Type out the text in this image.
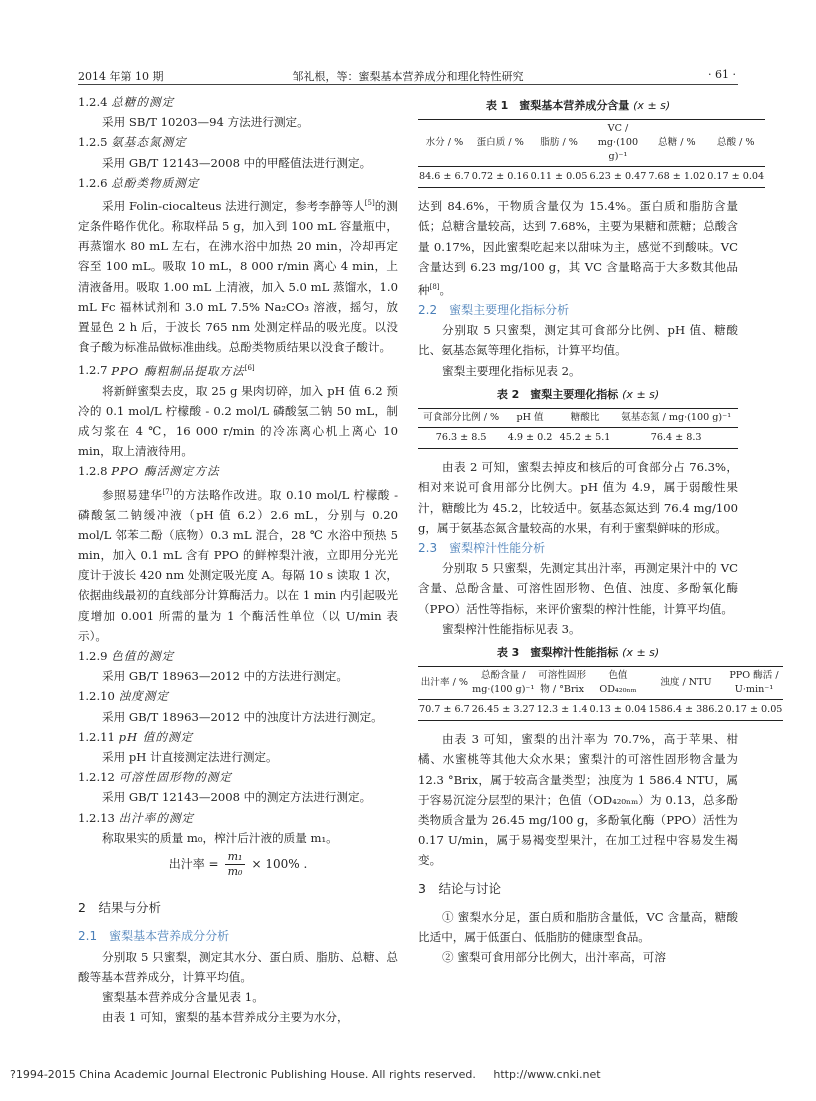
2014 年第 10 期	邹礼根，等：蜜梨基本营养成分和理化特性研究	· 61 ·

1.2.4 总糖的测定

采用 SB/T 10203—94 方法进行测定。

1.2.5 氨基态氮测定

采用 GB/T 12143—2008 中的甲醛值法进行测定。

1.2.6 总酚类物质测定

采用 Folin-ciocalteus 法进行测定，参考李静等人[5]的测定条件略作优化。称取样品 5 g，加入到 100 mL 容量瓶中，再蒸馏水 80 mL 左右，在沸水浴中加热 20 min，冷却再定容至 100 mL。吸取 10 mL，8 000 r/min 离心 4 min，上清液备用。吸取 1.00 mL 上清液，加入 5.0 mL 蒸馏水，1.0 mL Fc 福林试剂和 3.0 mL 7.5% Na₂CO₃ 溶液，摇匀，放置显色 2 h 后，于波长 765 nm 处测定样品的吸光度。以没食子酸为标准品做标准曲线。总酚类物质结果以没食子酸计。

1.2.7 PPO 酶粗制品提取方法[6]

将新鲜蜜梨去皮，取 25 g 果肉切碎，加入 pH 值 6.2 预冷的 0.1 mol/L 柠檬酸 - 0.2 mol/L 磷酸氢二钠 50 mL，制成匀浆在 4 ℃，16 000 r/min 的冷冻离心机上离心 10 min，取上清液待用。

1.2.8 PPO 酶活测定方法

参照易建华[7]的方法略作改进。取 0.10 mol/L 柠檬酸 - 磷酸氢二钠缓冲液（pH 值 6.2）2.6 mL，分别与 0.20 mol/L 邻苯二酚（底物）0.3 mL 混合，28 ℃ 水浴中预热 5 min，加入 0.1 mL 含有 PPO 的鲜榨梨汁液，立即用分光光度计于波长 420 nm 处测定吸光度 A。每隔 10 s 读取 1 次，依据曲线最初的直线部分计算酶活力。以在 1 min 内引起吸光度增加 0.001 所需的量为 1 个酶活性单位（以 U/min 表示）。

1.2.9 色值的测定

采用 GB/T 18963—2012 中的方法进行测定。

1.2.10 浊度测定

采用 GB/T 18963—2012 中的浊度计方法进行测定。

1.2.11 pH 值的测定

采用 pH 计直接测定法进行测定。

1.2.12 可溶性固形物的测定

采用 GB/T 12143—2008 中的测定方法进行测定。

1.2.13 出汁率的测定

称取果实的质量 m₀，榨汁后汁液的质量 m₁。

出汁率 = $\frac{\text{m₁}}{\text{m₀}} \times 100\%$ .

2　 结果与分析

2.1　 蜜梨基本营养成分分析

分别取 5 只蜜梨，测定其水分、蛋白质、脂肪、总糖、总酸等基本营养成分，计算平均值。

蜜梨基本营养成分含量见表 1。

由表 1 可知，蜜梨的基本营养成分主要为水分，

表 1　蜜梨基本营养成分含量 (x ± s)
水分 / %	蛋白质 / %	脂肪 / %	VC / mg·(100 g)⁻¹	总糖 / %	总酸 / %
84.6 ± 6.7	0.72 ± 0.16	0.11 ± 0.05	6.23 ± 0.47	7.68 ± 1.02	0.17 ± 0.04

达到 84.6%，干物质含量仅为 15.4%。蛋白质和脂肪含量低；总糖含量较高，达到 7.68%，主要为果糖和蔗糖；总酸含量 0.17%，因此蜜梨吃起来以甜味为主，感觉不到酸味。VC 含量达到 6.23 mg/100 g，其 VC 含量略高于大多数其他品种[8]。

2.2　 蜜梨主要理化指标分析

分别取 5 只蜜梨，测定其可食部分比例、pH 值、糖酸比、氨基态氮等理化指标，计算平均值。

蜜梨主要理化指标见表 2。

表 2　蜜梨主要理化指标 (x ± s)
可食部分比例 / %	pH 值	糖酸比	氨基态氮 / mg·(100 g)⁻¹
76.3 ± 8.5	4.9 ± 0.2	45.2 ± 5.1	76.4 ± 8.3

由表 2 可知，蜜梨去掉皮和核后的可食部分占 76.3%，相对来说可食用部分比例大。pH 值为 4.9，属于弱酸性果汁，糖酸比为 45.2，比较适中。氨基态氮达到 76.4 mg/100 g，属于氨基态氮含量较高的水果，有利于蜜梨鲜味的形成。

2.3　 蜜梨榨汁性能分析

分别取 5 只蜜梨，先测定其出汁率，再测定果汁中的 VC 含量、总酚含量、可溶性固形物、色值、浊度、多酚氧化酶（PPO）活性等指标，来评价蜜梨的榨汁性能，计算平均值。

蜜梨榨汁性能指标见表 3。

表 3　蜜梨榨汁性能指标 (x ± s)
出汁率 / %	总酚含量 / mg·(100 g)⁻¹	可溶性固形物 / °Brix	色值 OD₄₂₀ₙₘ	浊度 / NTU	PPO 酶活 / U·min⁻¹
70.7 ± 6.7	26.45 ± 3.27	12.3 ± 1.4	0.13 ± 0.04	1586.4 ± 386.2	0.17 ± 0.05

由表 3 可知，蜜梨的出汁率为 70.7%，高于苹果、柑橘、水蜜桃等其他大众水果；蜜梨汁的可溶性固形物含量为 12.3 °Brix，属于较高含量类型；浊度为 1 586.4 NTU，属于容易沉淀分层型的果汁；色值（OD₄₂₀ₙₘ）为 0.13，总多酚类物质含量为 26.45 mg/100 g，多酚氧化酶（PPO）活性为 0.17 U/min，属于易褐变型果汁，在加工过程中容易发生褐变。

3　 结论与讨论

① 蜜梨水分足，蛋白质和脂肪含量低，VC 含量高，糖酸比适中，属于低蛋白、低脂肪的健康型食品。

② 蜜梨可食用部分比例大，出汁率高，可溶

?1994-2015 China Academic Journal Electronic Publishing House. All rights reserved. http://www.cnki.net
